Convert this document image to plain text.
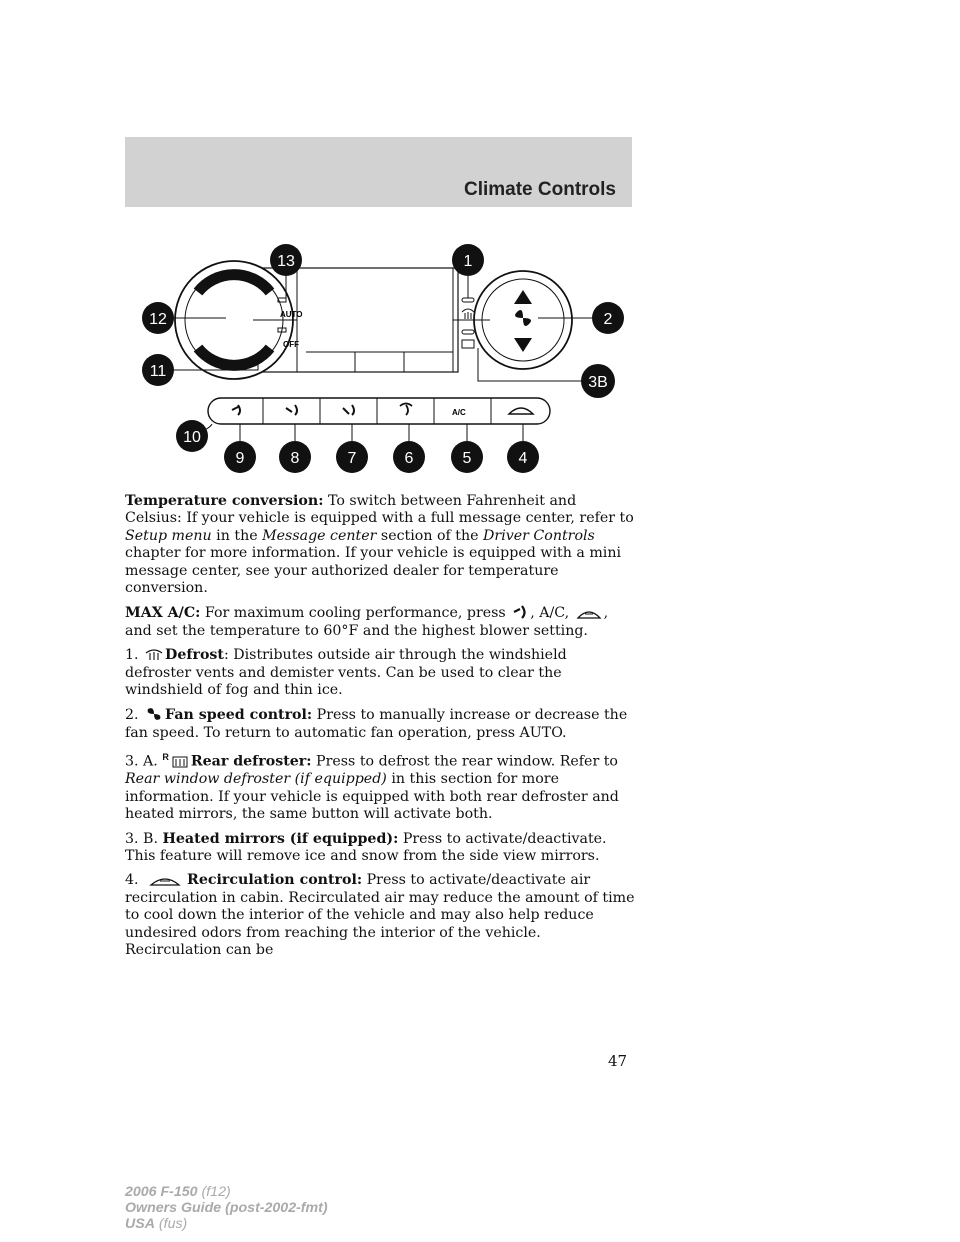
Climate Controls
AUTO
OFF
A/C
13	1
12	2
11
3B
10
9	8	7	6	5	4

Temperature conversion: To switch between Fahrenheit and Celsius: If your vehicle is equipped with a full message center, refer to Setup menu in the Message center section of the Driver Controls chapter for more information. If your vehicle is equipped with a mini message center, see your authorized dealer for temperature conversion.

MAX A/C: For maximum cooling performance, press , A/C, , and set the temperature to 60°F and the highest blower setting.

1. Defrost: Distributes outside air through the windshield defroster vents and demister vents. Can be used to clear the windshield of fog and thin ice.

2. Fan speed control: Press to manually increase or decrease the fan speed. To return to automatic fan operation, press AUTO.

3. A. $^R$ Rear defroster: Press to defrost the rear window. Refer to Rear window defroster (if equipped) in this section for more information. If your vehicle is equipped with both rear defroster and heated mirrors, the same button will activate both.

3. B. Heated mirrors (if equipped): Press to activate/deactivate. This feature will remove ice and snow from the side view mirrors.

4.	Recirculation control: Press to activate/deactivate air recirculation in cabin. Recirculated air may reduce the amount of time to cool down the interior of the vehicle and may also help reduce undesired odors from reaching the interior of the vehicle. Recirculation can be

47
2006 F-150 (f12)
Owners Guide (post-2002-fmt)
USA (fus)
